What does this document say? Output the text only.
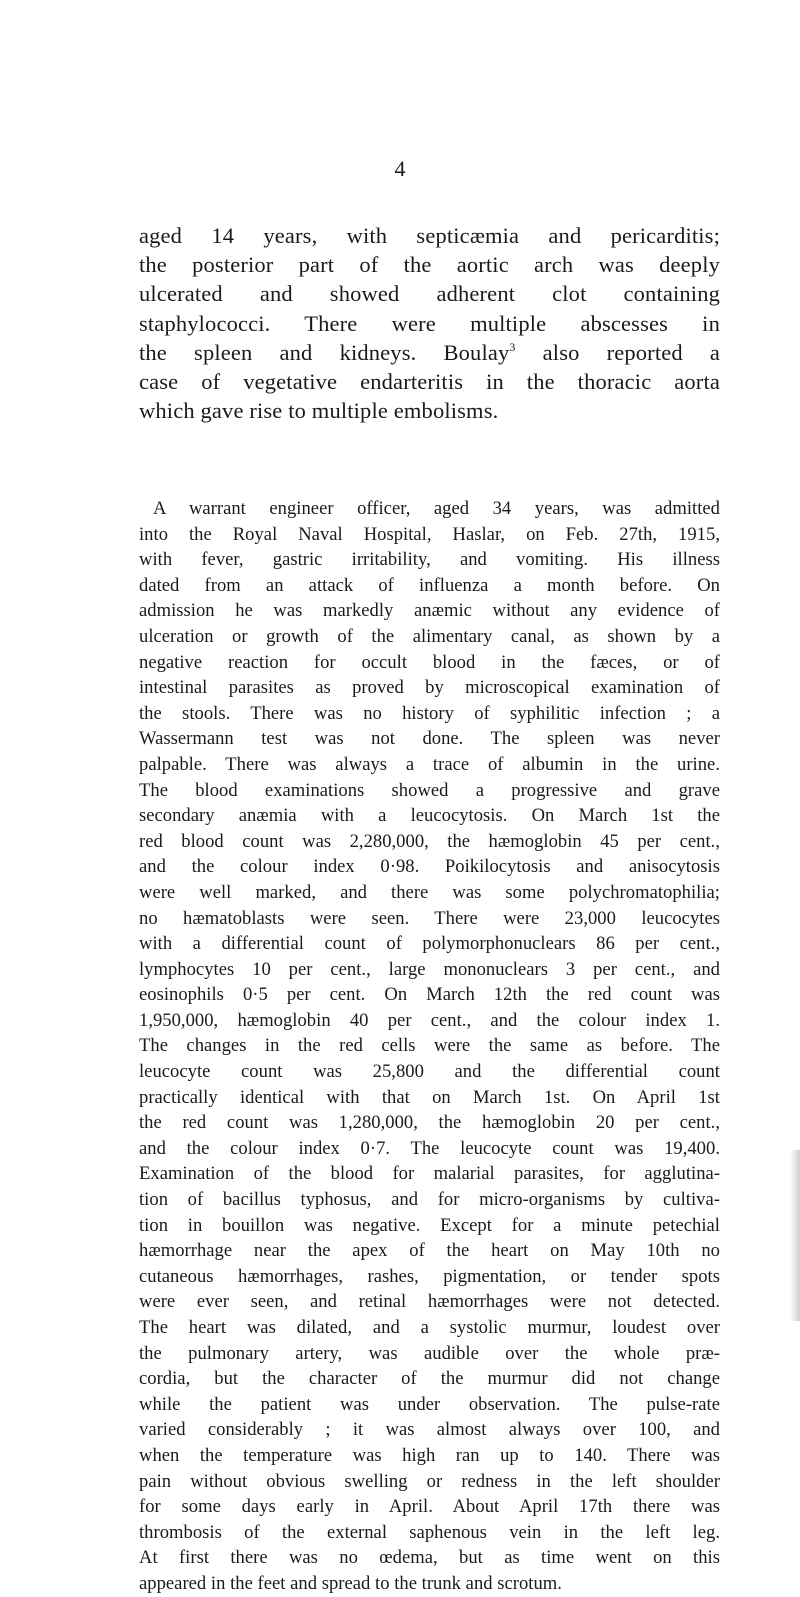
4

aged 14 years, with septicæmia and pericarditis;
the posterior part of the aortic arch was deeply
ulcerated and showed adherent clot containing
staphylococci. There were multiple abscesses in
the spleen and kidneys. Boulay$^3$ also reported a
case of vegetative endarteritis in the thoracic aorta
which gave rise to multiple embolisms.

A warrant engineer officer, aged 34 years, was admitted
into the Royal Naval Hospital, Haslar, on Feb. 27th, 1915,
with fever, gastric irritability, and vomiting. His illness
dated from an attack of influenza a month before. On
admission he was markedly anæmic without any evidence of
ulceration or growth of the alimentary canal, as shown by a
negative reaction for occult blood in the fæces, or of
intestinal parasites as proved by microscopical examination of
the stools. There was no history of syphilitic infection ; a
Wassermann test was not done. The spleen was never
palpable. There was always a trace of albumin in the urine.
The blood examinations showed a progressive and grave
secondary anæmia with a leucocytosis. On March 1st the
red blood count was 2,280,000, the hæmoglobin 45 per cent.,
and the colour index 0·98. Poikilocytosis and anisocytosis
were well marked, and there was some polychromatophilia;
no hæmatoblasts were seen. There were 23,000 leucocytes
with a differential count of polymorphonuclears 86 per cent.,
lymphocytes 10 per cent., large mononuclears 3 per cent., and
eosinophils 0·5 per cent. On March 12th the red count was
1,950,000, hæmoglobin 40 per cent., and the colour index 1.
The changes in the red cells were the same as before. The
leucocyte count was 25,800 and the differential count
practically identical with that on March 1st. On April 1st
the red count was 1,280,000, the hæmoglobin 20 per cent.,
and the colour index 0·7. The leucocyte count was 19,400.
Examination of the blood for malarial parasites, for agglutina-
tion of bacillus typhosus, and for micro-organisms by cultiva-
tion in bouillon was negative. Except for a minute petechial
hæmorrhage near the apex of the heart on May 10th no
cutaneous hæmorrhages, rashes, pigmentation, or tender spots
were ever seen, and retinal hæmorrhages were not detected.
The heart was dilated, and a systolic murmur, loudest over
the pulmonary artery, was audible over the whole præ-
cordia, but the character of the murmur did not change
while the patient was under observation. The pulse-rate
varied considerably ; it was almost always over 100, and
when the temperature was high ran up to 140. There was
pain without obvious swelling or redness in the left shoulder
for some days early in April. About April 17th there was
thrombosis of the external saphenous vein in the left leg.
At first there was no œdema, but as time went on this
appeared in the feet and spread to the trunk and scrotum.
